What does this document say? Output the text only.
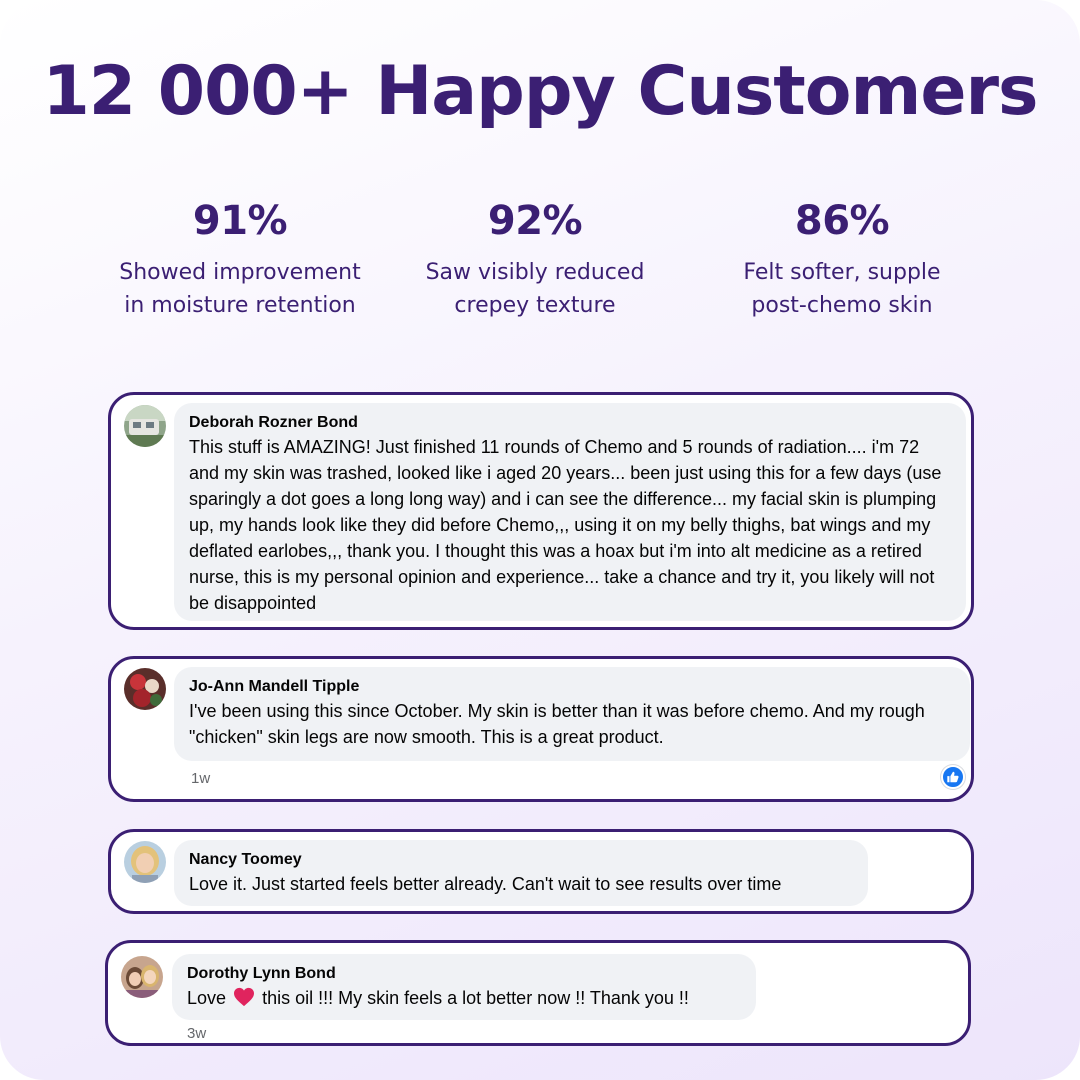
12 000+ Happy Customers
91%
Showed improvement
in moisture retention
92%
Saw visibly reduced
crepey texture
86%
Felt softer, supple
post-chemo skin
Deborah Rozner Bond
This stuff is AMAZING! Just finished 11 rounds of Chemo and 5 rounds of radiation.... i'm 72 and my skin was trashed, looked like i aged 20 years... been just using this for a few days (use sparingly a dot goes a long long way) and i can see the difference... my facial skin is plumping up, my hands look like they did before Chemo,,, using it on my belly thighs, bat wings and my deflated earlobes,,, thank you. I thought this was a hoax but i'm into alt medicine as a retired nurse, this is my personal opinion and experience... take a chance and try it, you likely will not be disappointed
Jo-Ann Mandell Tipple
I've been using this since October. My skin is better than it was before chemo. And my rough "chicken" skin legs are now smooth. This is a great product.
1w
Nancy Toomey
Love it. Just started feels better already. Can't wait to see results over time
Dorothy Lynn Bond
Love this oil !!! My skin feels a lot better now !! Thank you !!
3w
